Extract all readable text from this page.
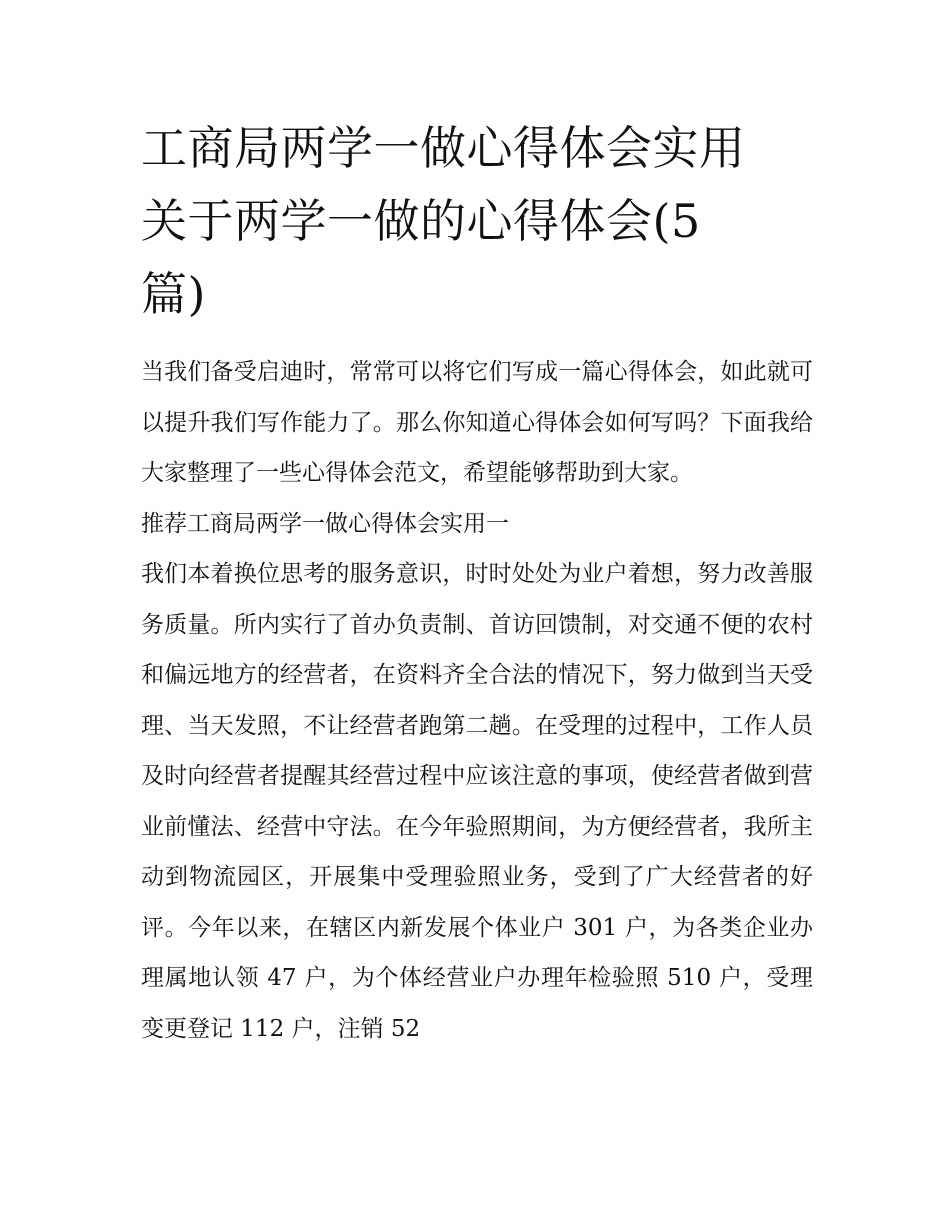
工商局两学一做心得体会实用
关于两学一做的心得体会(5
篇)

当我们备受启迪时，常常可以将它们写成一篇心得体会，如此就可以提升我们写作能力了。那么你知道心得体会如何写吗？下面我给大家整理了一些心得体会范文，希望能够帮助到大家。

推荐工商局两学一做心得体会实用一

我们本着换位思考的服务意识，时时处处为业户着想，努力改善服务质量。所内实行了首办负责制、首访回馈制，对交通不便的农村和偏远地方的经营者，在资料齐全合法的情况下，努力做到当天受理、当天发照，不让经营者跑第二趟。在受理的过程中，工作人员及时向经营者提醒其经营过程中应该注意的事项，使经营者做到营业前懂法、经营中守法。在今年验照期间，为方便经营者，我所主动到物流园区，开展集中受理验照业务，受到了广大经营者的好评。今年以来，在辖区内新发展个体业户 301 户，为各类企业办理属地认领 47 户，为个体经营业户办理年检验照 510 户，受理变更登记 112 户，注销 52
